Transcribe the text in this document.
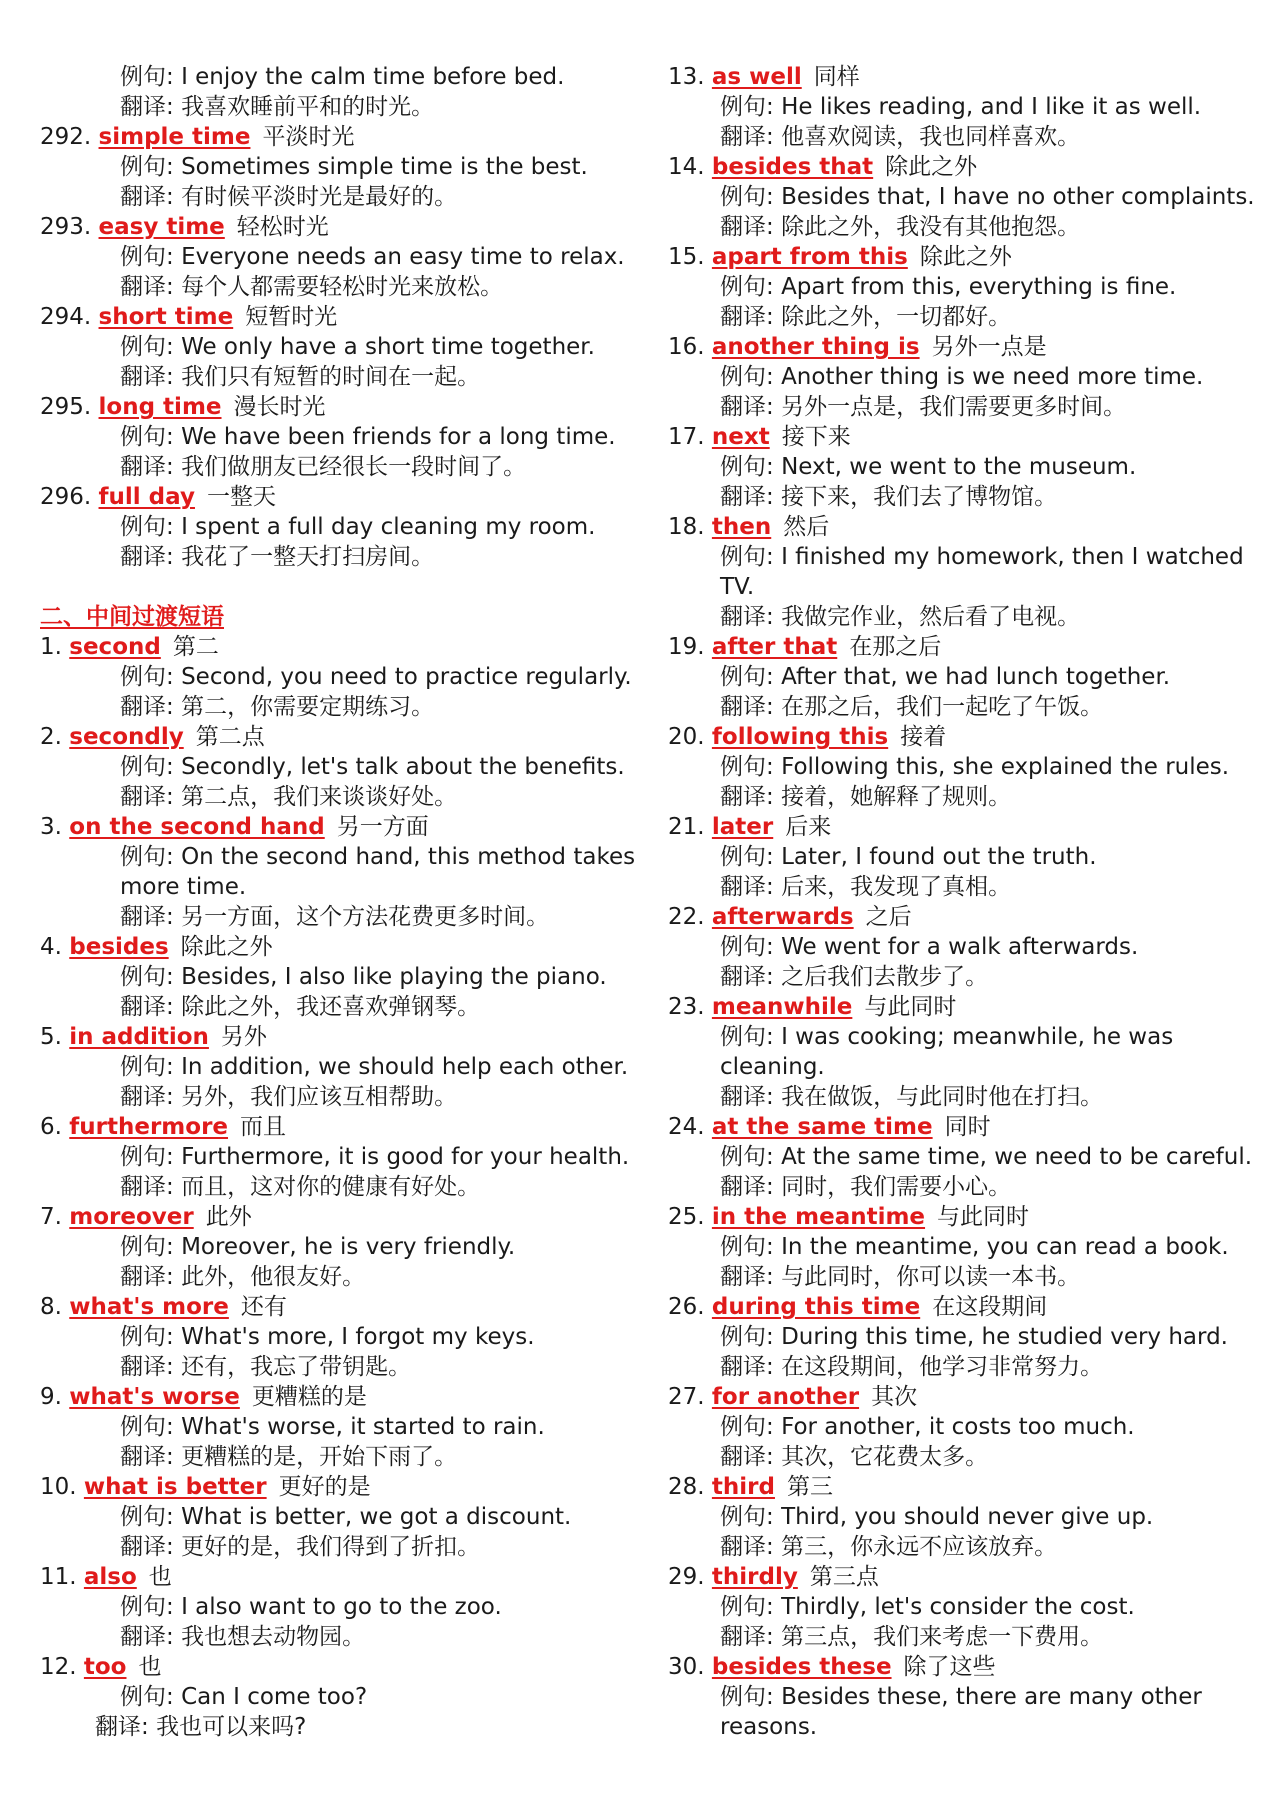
例句: I enjoy the calm time before bed.
翻译: 我喜欢睡前平和的时光。
292. simple time 平淡时光
例句: Sometimes simple time is the best.
翻译: 有时候平淡时光是最好的。
293. easy time 轻松时光
例句: Everyone needs an easy time to relax.
翻译: 每个人都需要轻松时光来放松。
294. short time 短暂时光
例句: We only have a short time together.
翻译: 我们只有短暂的时间在一起。
295. long time 漫长时光
例句: We have been friends for a long time.
翻译: 我们做朋友已经很长一段时间了。
296. full day 一整天
例句: I spent a full day cleaning my room.
翻译: 我花了一整天打扫房间。
二、中间过渡短语
1. second 第二
例句: Second, you need to practice regularly.
翻译: 第二，你需要定期练习。
2. secondly 第二点
例句: Secondly, let's talk about the benefits.
翻译: 第二点，我们来谈谈好处。
3. on the second hand 另一方面
例句: On the second hand, this method takes
more time.
翻译: 另一方面，这个方法花费更多时间。
4. besides 除此之外
例句: Besides, I also like playing the piano.
翻译: 除此之外，我还喜欢弹钢琴。
5. in addition 另外
例句: In addition, we should help each other.
翻译: 另外，我们应该互相帮助。
6. furthermore 而且
例句: Furthermore, it is good for your health.
翻译: 而且，这对你的健康有好处。
7. moreover 此外
例句: Moreover, he is very friendly.
翻译: 此外，他很友好。
8. what's more 还有
例句: What's more, I forgot my keys.
翻译: 还有，我忘了带钥匙。
9. what's worse 更糟糕的是
例句: What's worse, it started to rain.
翻译: 更糟糕的是，开始下雨了。
10. what is better 更好的是
例句: What is better, we got a discount.
翻译: 更好的是，我们得到了折扣。
11. also 也
例句: I also want to go to the zoo.
翻译: 我也想去动物园。
12. too 也
例句: Can I come too?
翻译: 我也可以来吗?
13. as well 同样
例句: He likes reading, and I like it as well.
翻译: 他喜欢阅读，我也同样喜欢。
14. besides that 除此之外
例句: Besides that, I have no other complaints.
翻译: 除此之外，我没有其他抱怨。
15. apart from this 除此之外
例句: Apart from this, everything is fine.
翻译: 除此之外，一切都好。
16. another thing is 另外一点是
例句: Another thing is we need more time.
翻译: 另外一点是，我们需要更多时间。
17. next 接下来
例句: Next, we went to the museum.
翻译: 接下来，我们去了博物馆。
18. then 然后
例句: I finished my homework, then I watched
TV.
翻译: 我做完作业，然后看了电视。
19. after that 在那之后
例句: After that, we had lunch together.
翻译: 在那之后，我们一起吃了午饭。
20. following this 接着
例句: Following this, she explained the rules.
翻译: 接着，她解释了规则。
21. later 后来
例句: Later, I found out the truth.
翻译: 后来，我发现了真相。
22. afterwards 之后
例句: We went for a walk afterwards.
翻译: 之后我们去散步了。
23. meanwhile 与此同时
例句: I was cooking; meanwhile, he was
cleaning.
翻译: 我在做饭，与此同时他在打扫。
24. at the same time 同时
例句: At the same time, we need to be careful.
翻译: 同时，我们需要小心。
25. in the meantime 与此同时
例句: In the meantime, you can read a book.
翻译: 与此同时，你可以读一本书。
26. during this time 在这段期间
例句: During this time, he studied very hard.
翻译: 在这段期间，他学习非常努力。
27. for another 其次
例句: For another, it costs too much.
翻译: 其次，它花费太多。
28. third 第三
例句: Third, you should never give up.
翻译: 第三，你永远不应该放弃。
29. thirdly 第三点
例句: Thirdly, let's consider the cost.
翻译: 第三点，我们来考虑一下费用。
30. besides these 除了这些
例句: Besides these, there are many other
reasons.
